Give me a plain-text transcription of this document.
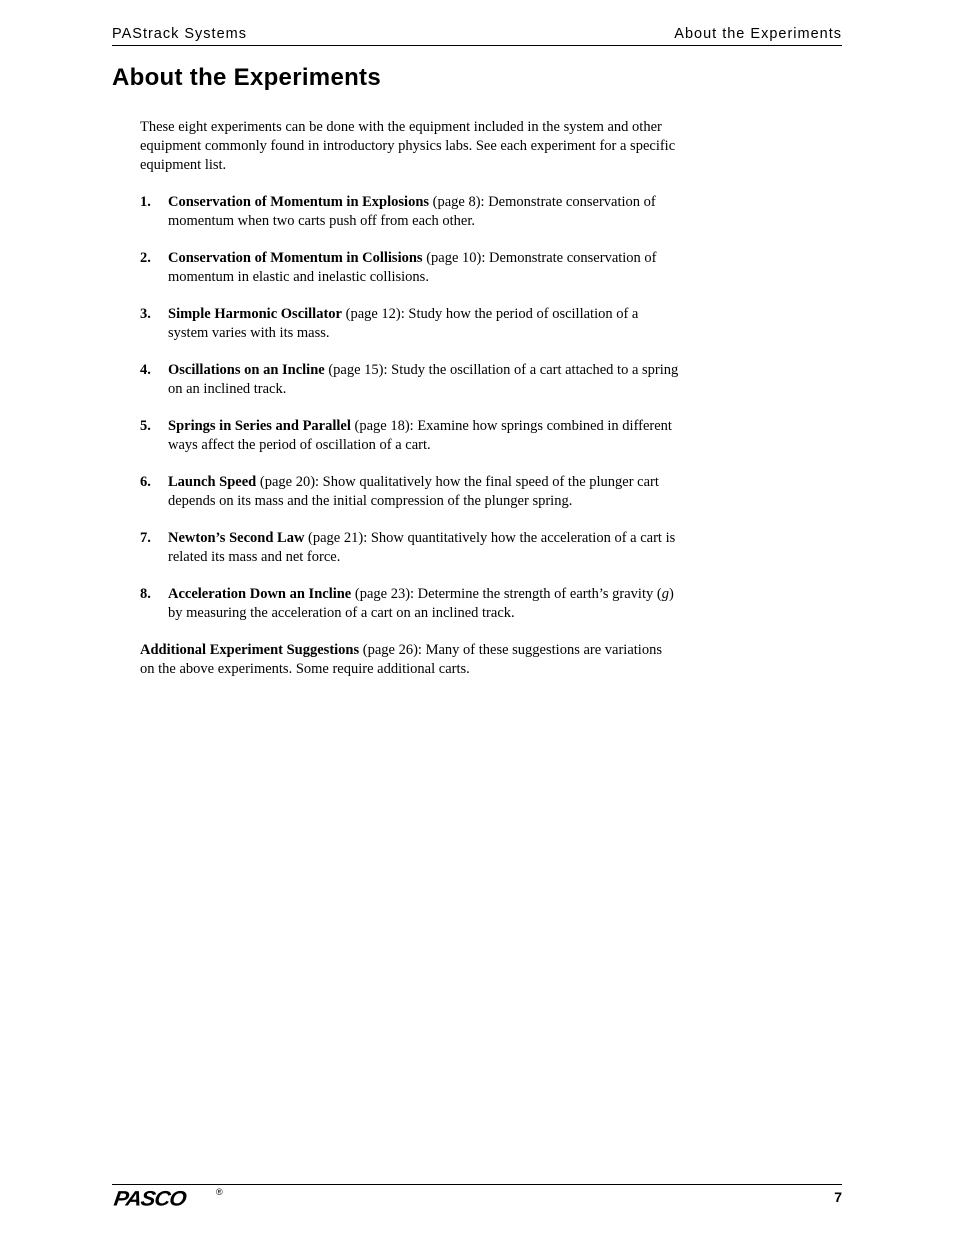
PAStrack Systems	About the Experiments
About the Experiments

These eight experiments can be done with the equipment included in the system and other equipment commonly found in introductory physics labs. See each experiment for a specific equipment list.

1. Conservation of Momentum in Explosions (page 8): Demonstrate conservation of momentum when two carts push off from each other.
2. Conservation of Momentum in Collisions (page 10): Demonstrate conservation of momentum in elastic and inelastic collisions.
3. Simple Harmonic Oscillator (page 12): Study how the period of oscillation of a system varies with its mass.
4. Oscillations on an Incline (page 15): Study the oscillation of a cart attached to a spring on an inclined track.
5. Springs in Series and Parallel (page 18): Examine how springs combined in different ways affect the period of oscillation of a cart.
6. Launch Speed (page 20): Show qualitatively how the final speed of the plunger cart depends on its mass and the initial compression of the plunger spring.
7. Newton’s Second Law (page 21): Show quantitatively how the acceleration of a cart is related its mass and net force.
8. Acceleration Down an Incline (page 23): Determine the strength of earth’s gravity (g) by measuring the acceleration of a cart on an inclined track.

Additional Experiment Suggestions (page 26): Many of these suggestions are variations on the above experiments. Some require additional carts.

PASCO	®	7
